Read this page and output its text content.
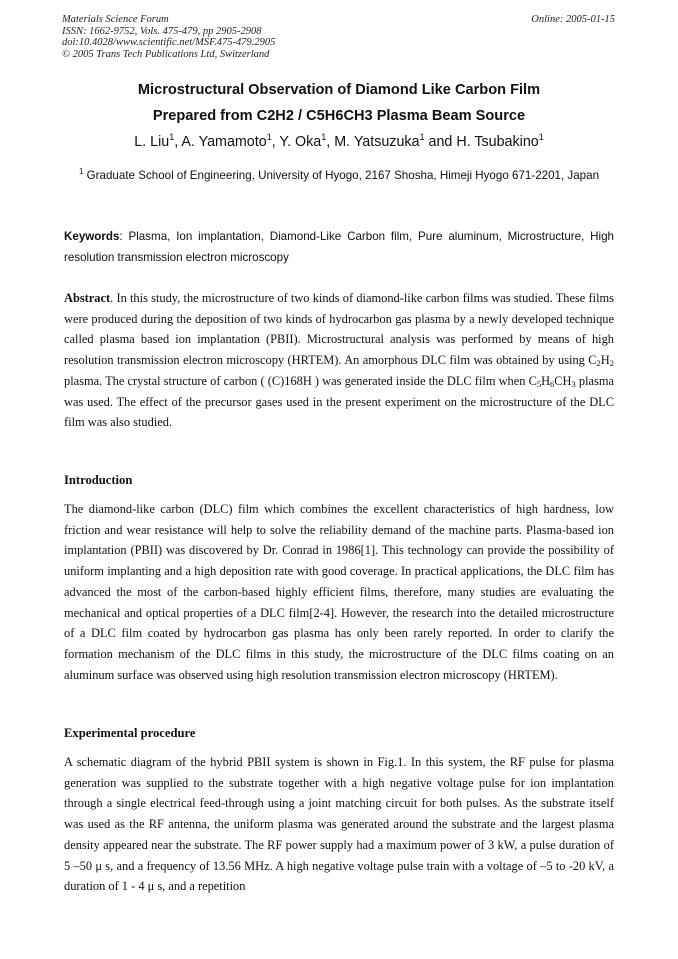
Materials Science Forum
ISSN: 1662-9752, Vols. 475-479, pp 2905-2908
doi:10.4028/www.scientific.net/MSF.475-479.2905
© 2005 Trans Tech Publications Ltd, Switzerland
Online: 2005-01-15
Microstructural Observation of Diamond Like Carbon Film
Prepared from C2H2 / C5H6CH3 Plasma Beam Source
L. Liu$^1$, A. Yamamoto$^1$, Y. Oka$^1$, M. Yatsuzuka$^1$ and H. Tsubakino$^1$
$^1$ Graduate School of Engineering, University of Hyogo, 2167 Shosha, Himeji Hyogo 671-2201, Japan
Keywords: Plasma, Ion implantation, Diamond-Like Carbon film, Pure aluminum, Microstructure, High resolution transmission electron microscopy

Abstract. In this study, the microstructure of two kinds of diamond-like carbon films was studied. These films were produced during the deposition of two kinds of hydrocarbon gas plasma by a newly developed technique called plasma based ion implantation (PBII). Microstructural analysis was performed by means of high resolution transmission electron microscopy (HRTEM). An amorphous DLC film was obtained by using $C_2H_2$ plasma. The crystal structure of carbon ( (C)168H ) was generated inside the DLC film when $C_5H_6CH_3$ plasma was used. The effect of the precursor gases used in the present experiment on the microstructure of the DLC film was also studied.

Introduction

The diamond-like carbon (DLC) film which combines the excellent characteristics of high hardness, low friction and wear resistance will help to solve the reliability demand of the machine parts. Plasma-based ion implantation (PBII) was discovered by Dr. Conrad in 1986[1]. This technology can provide the possibility of uniform implanting and a high deposition rate with good coverage. In practical applications, the DLC film has advanced the most of the carbon-based highly efficient films, therefore, many studies are evaluating the mechanical and optical properties of a DLC film[2-4]. However, the research into the detailed microstructure of a DLC film coated by hydrocarbon gas plasma has only been rarely reported. In order to clarify the formation mechanism of the DLC films in this study, the microstructure of the DLC films coating on an aluminum surface was observed using high resolution transmission electron microscopy (HRTEM).

Experimental procedure

A schematic diagram of the hybrid PBII system is shown in Fig.1. In this system, the RF pulse for plasma generation was supplied to the substrate together with a high negative voltage pulse for ion implantation through a single electrical feed-through using a joint matching circuit for both pulses. As the substrate itself was used as the RF antenna, the uniform plasma was generated around the substrate and the largest plasma density appeared near the substrate. The RF power supply had a maximum power of 3 kW, a pulse duration of 5 –50 μ s, and a frequency of 13.56 MHz. A high negative voltage pulse train with a voltage of –5 to -20 kV, a duration of 1 - 4 μ s, and a repetition
